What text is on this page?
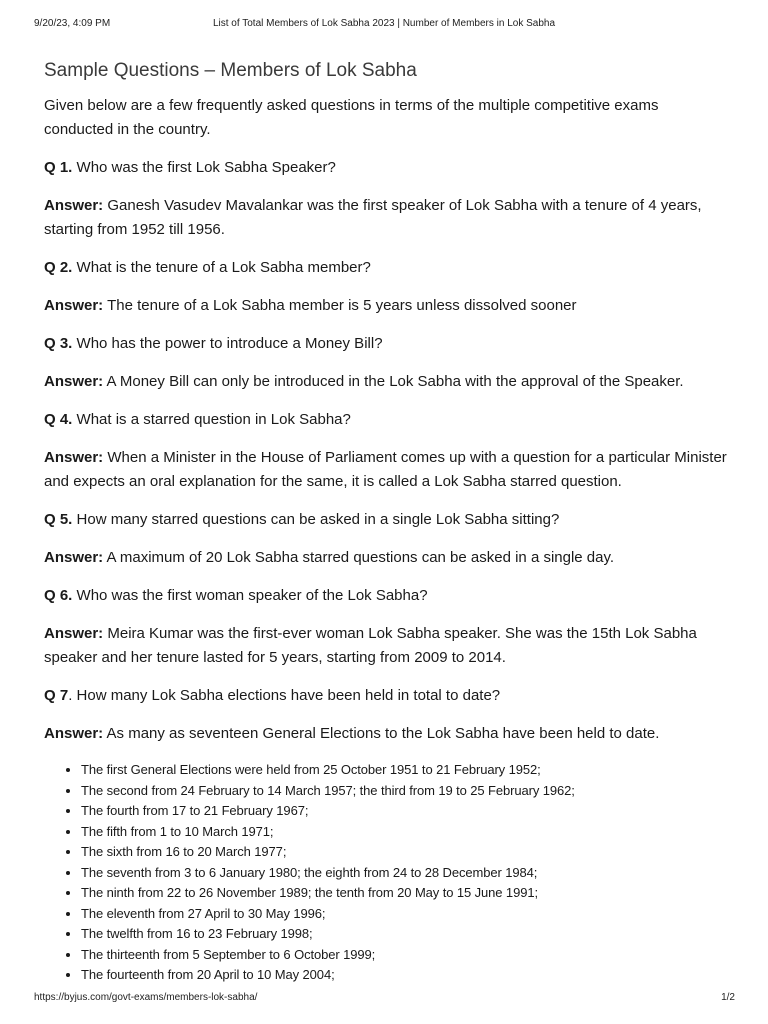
9/20/23, 4:09 PM	List of Total Members of Lok Sabha 2023 | Number of Members in Lok Sabha
Sample Questions – Members of Lok Sabha

Given below are a few frequently asked questions in terms of the multiple competitive exams conducted in the country.

Q 1. Who was the first Lok Sabha Speaker?

Answer: Ganesh Vasudev Mavalankar was the first speaker of Lok Sabha with a tenure of 4 years, starting from 1952 till 1956.

Q 2. What is the tenure of a Lok Sabha member?

Answer: The tenure of a Lok Sabha member is 5 years unless dissolved sooner

Q 3. Who has the power to introduce a Money Bill?

Answer: A Money Bill can only be introduced in the Lok Sabha with the approval of the Speaker.

Q 4. What is a starred question in Lok Sabha?

Answer: When a Minister in the House of Parliament comes up with a question for a particular Minister and expects an oral explanation for the same, it is called a Lok Sabha starred question.

Q 5. How many starred questions can be asked in a single Lok Sabha sitting?

Answer: A maximum of 20 Lok Sabha starred questions can be asked in a single day.

Q 6. Who was the first woman speaker of the Lok Sabha?

Answer: Meira Kumar was the first-ever woman Lok Sabha speaker. She was the 15th Lok Sabha speaker and her tenure lasted for 5 years, starting from 2009 to 2014.

Q 7. How many Lok Sabha elections have been held in total to date?

Answer: As many as seventeen General Elections to the Lok Sabha have been held to date.

• The first General Elections were held from 25 October 1951 to 21 February 1952;
• The second from 24 February to 14 March 1957; the third from 19 to 25 February 1962;
• The fourth from 17 to 21 February 1967;
• The fifth from 1 to 10 March 1971;
• The sixth from 16 to 20 March 1977;
• The seventh from 3 to 6 January 1980; the eighth from 24 to 28 December 1984;
• The ninth from 22 to 26 November 1989; the tenth from 20 May to 15 June 1991;
• The eleventh from 27 April to 30 May 1996;
• The twelfth from 16 to 23 February 1998;
• The thirteenth from 5 September to 6 October 1999;
• The fourteenth from 20 April to 10 May 2004;
https://byjus.com/govt-exams/members-lok-sabha/	1/2
